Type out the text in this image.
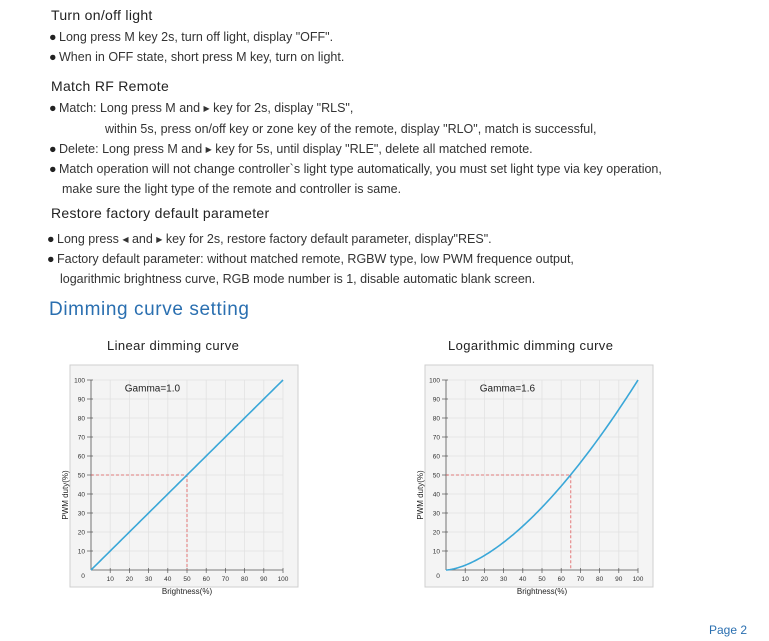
Turn on/off light
● Long press M key 2s, turn off light, display "OFF".
● When in OFF state, short press M key, turn on light.
Match RF Remote
● Match: Long press M and ▶ key for 2s, display "RLS",
within 5s, press on/off key or zone key of the remote, display "RLO", match is successful,
● Delete: Long press M and ▶ key for 5s, until display "RLE", delete all matched remote.
● Match operation will not change controller`s light type automatically, you must set light type via key operation,
make sure the light type of the remote and controller is same.
Restore factory default parameter
● Long press ◀ and ▶ key for 2s, restore factory default parameter, display"RES".
● Factory default parameter: without matched remote, RGBW type, low PWM frequence output,
logarithmic brightness curve, RGB mode number is 1, disable automatic blank screen.
Dimming curve setting
Linear dimming curve	Logarithmic dimming curve
10
20
30
40
50
60
70
80
90
100
10 20 30 40 50 60 70 80 90 100
0
Brightness(%)
PWM duty(%)
Gamma=1.0
10
20
30
40
50
60
70
80
90
100
10 20 30 40 50 60 70 80 90 100
0
Brightness(%)
PWM duty(%)
Gamma=1.6
Page 2
